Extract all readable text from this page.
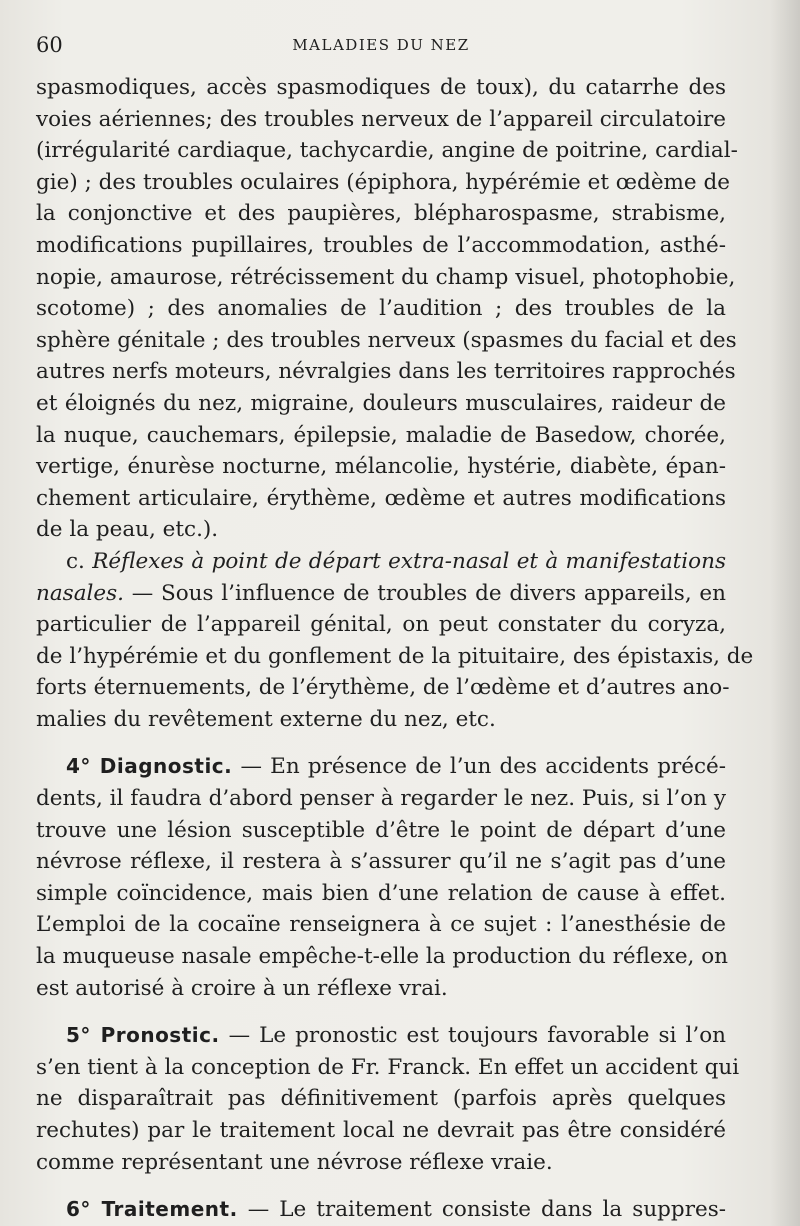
60	MALADIES DU NEZ
spasmodiques, accès spasmodiques de toux), du catarrhe des
voies aériennes; des troubles nerveux de l’appareil circulatoire
(irrégularité cardiaque, tachycardie, angine de poitrine, cardial-
gie) ; des troubles oculaires (épiphora, hypérémie et œdème de
la conjonctive et des paupières, blépharospasme, strabisme,
modifications pupillaires, troubles de l’accommodation, asthé-
nopie, amaurose, rétrécissement du champ visuel, photophobie,
scotome) ; des anomalies de l’audition ; des troubles de la
sphère génitale ; des troubles nerveux (spasmes du facial et des
autres nerfs moteurs, névralgies dans les territoires rapprochés
et éloignés du nez, migraine, douleurs musculaires, raideur de
la nuque, cauchemars, épilepsie, maladie de Basedow, chorée,
vertige, énurèse nocturne, mélancolie, hystérie, diabète, épan-
chement articulaire, érythème, œdème et autres modifications
de la peau, etc.).
c. Réflexes à point de départ extra-nasal et à manifestations
nasales. — Sous l’influence de troubles de divers appareils, en
particulier de l’appareil génital, on peut constater du coryza,
de l’hypérémie et du gonflement de la pituitaire, des épistaxis, de
forts éternuements, de l’érythème, de l’œdème et d’autres ano-
malies du revêtement externe du nez, etc.
4° Diagnostic. — En présence de l’un des accidents précé-
dents, il faudra d’abord penser à regarder le nez. Puis, si l’on y
trouve une lésion susceptible d’être le point de départ d’une
névrose réflexe, il restera à s’assurer qu’il ne s’agit pas d’une
simple coïncidence, mais bien d’une relation de cause à effet.
L’emploi de la cocaïne renseignera à ce sujet : l’anesthésie de
la muqueuse nasale empêche-t-elle la production du réflexe, on
est autorisé à croire à un réflexe vrai.
5° Pronostic. — Le pronostic est toujours favorable si l’on
s’en tient à la conception de Fr. Franck. En effet un accident qui
ne disparaîtrait pas définitivement (parfois après quelques
rechutes) par le traitement local ne devrait pas être considéré
comme représentant une névrose réflexe vraie.
6° Traitement. — Le traitement consiste dans la suppres-
